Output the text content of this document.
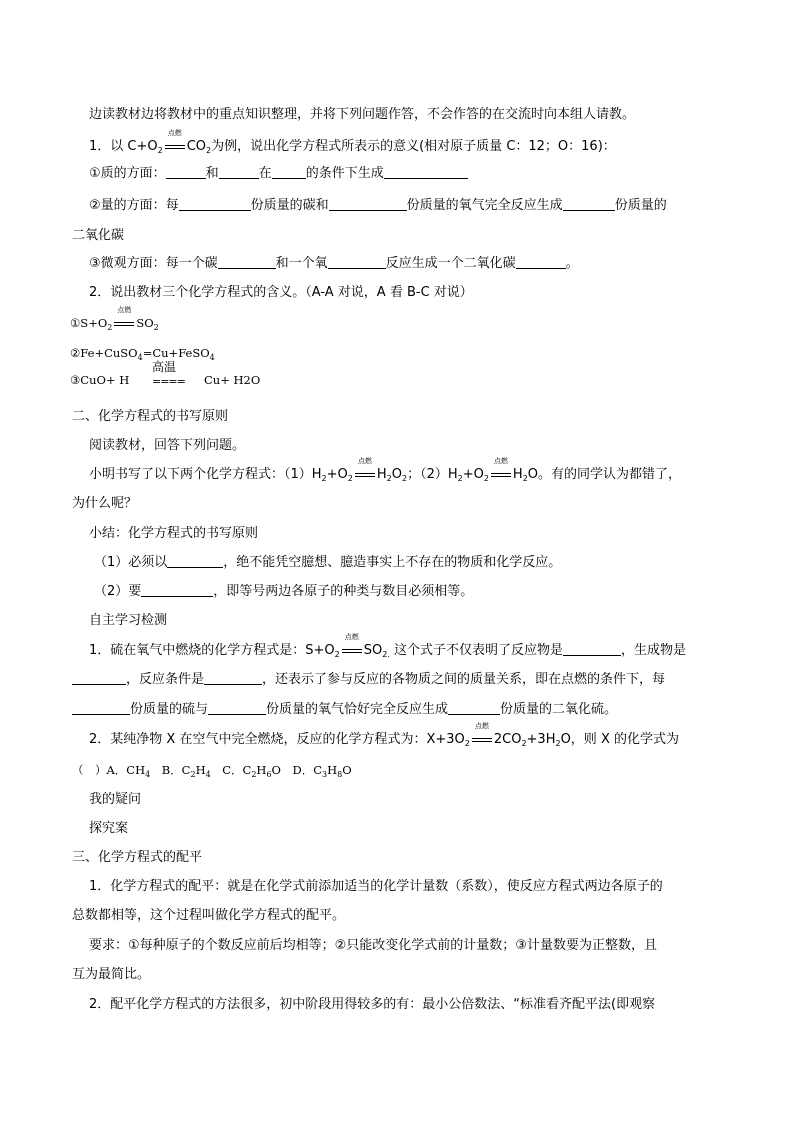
边读教材边将教材中的重点知识整理，并将下列问题作答，不会作答的在交流时向本组人请教。
1．以 $C+O_2$
点燃
$CO_2$为例，说出化学方程式所表示的意义(相对原子质量 C：12；O：16)：
①质的方面：	和	在	的条件下生成
②量的方面：每	份质量的碳和	份质量的氧气完全反应生成	份质量的
二氧化碳
③微观方面：每一个碳	和一个氧	反应生成一个二氧化碳	。
2．说出教材三个化学方程式的含义。（A-A 对说，A 看 B-C 对说）
$①S+O_2$
点燃
$SO_2$
②Fe+CuSO$_4$=Cu+FeSO$_4$
③CuO+ H
高温
==== Cu+ H2O
二、化学方程式的书写原则
阅读教材，回答下列问题。
小明书写了以下两个化学方程式：$(1)H_2+O_2$
点燃
$H_2O_2$；$(2)H_2+O_2$
点燃
$H_2O$。有的同学认为都错了，
为什么呢？
小结：化学方程式的书写原则
（1）必须以	，绝不能凭空臆想、臆造事实上不存在的物质和化学反应。
（2）要	，即等号两边各原子的种类与数目必须相等。
自主学习检测
1．硫在氧气中燃烧的化学方程式是：$S+O_2$
点燃
$SO_{2.}$ 这个式子不仅表明了反应物是	，生成物是
，反应条件是	，还表示了参与反应的各物质之间的质量关系，即在点燃的条件下，每
份质量的硫与	份质量的氧气恰好完全反应生成	份质量的二氧化硫。
2．某纯净物 X 在空气中完全燃烧，反应的化学方程式为：$X+3O_2$
点燃
$2CO_2+3H_2O$，则 X 的化学式为
（　）A．$CH_4$　B．$C_2H_4$　C．$C_2H_6O$　D．$C_3H_8O$
我的疑问
探究案
三、化学方程式的配平
1．化学方程式的配平：就是在化学式前添加适当的化学计量数（系数），使反应方程式两边各原子的
总数都相等，这个过程叫做化学方程式的配平。
要求：①每种原子的个数反应前后均相等；②只能改变化学式前的计量数；③计量数要为正整数，且
互为最简比。
2．配平化学方程式的方法很多，初中阶段用得较多的有：最小公倍数法、“标准看齐配平法(即观察
